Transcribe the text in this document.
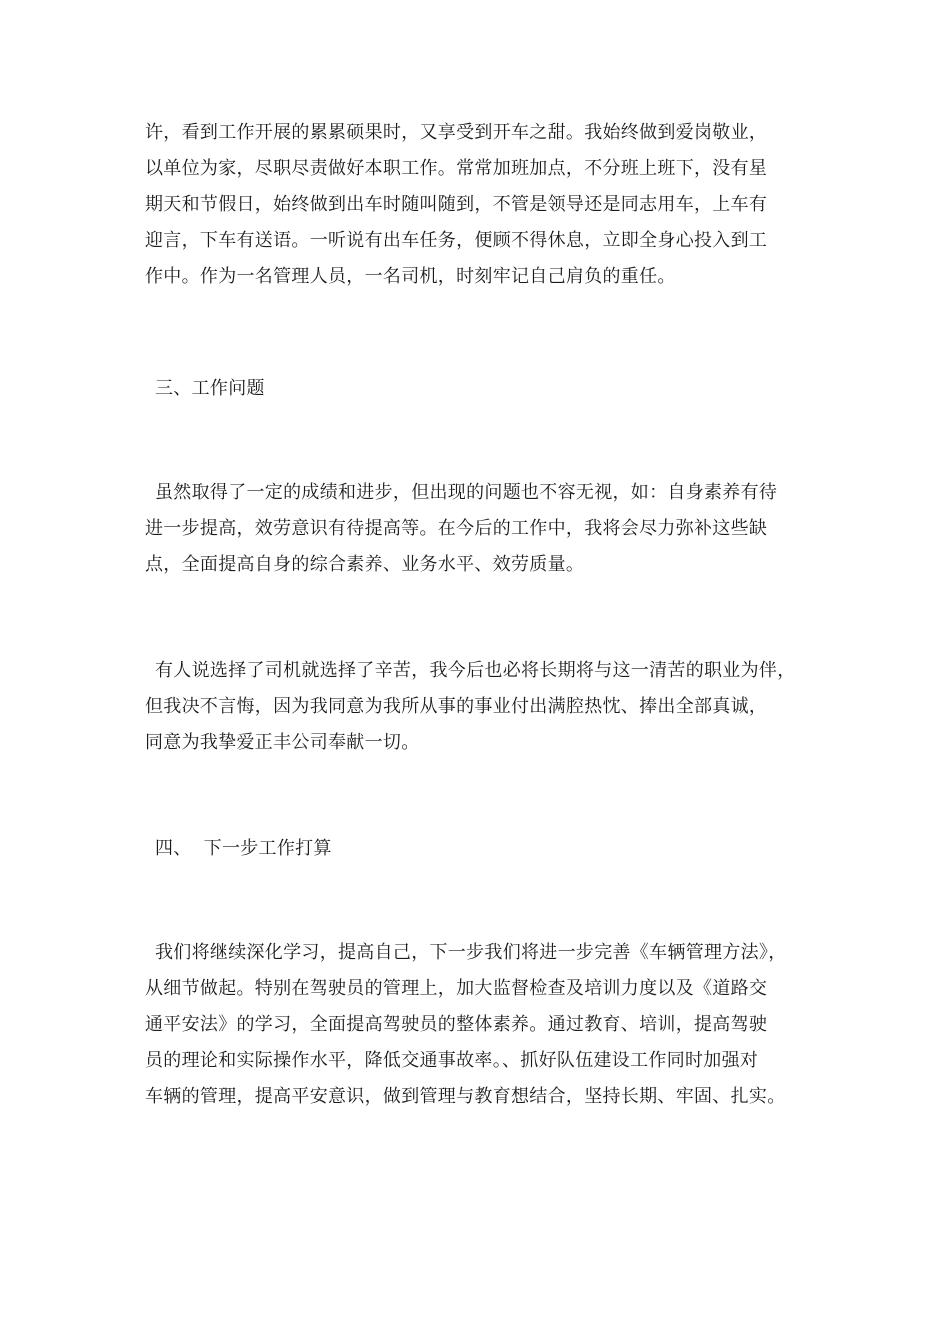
许，看到工作开展的累累硕果时，又享受到开车之甜。我始终做到爱岗敬业，
以单位为家，尽职尽责做好本职工作。常常加班加点，不分班上班下，没有星
期天和节假日，始终做到出车时随叫随到，不管是领导还是同志用车，上车有
迎言，下车有送语。一听说有出车任务，便顾不得休息，立即全身心投入到工
作中。作为一名管理人员，一名司机，时刻牢记自己肩负的重任。
三、工作问题
虽然取得了一定的成绩和进步，但出现的问题也不容无视，如：自身素养有待
进一步提高，效劳意识有待提高等。在今后的工作中，我将会尽力弥补这些缺
点，全面提高自身的综合素养、业务水平、效劳质量。
有人说选择了司机就选择了辛苦，我今后也必将长期将与这一清苦的职业为伴，
但我决不言悔，因为我同意为我所从事的事业付出满腔热忱、捧出全部真诚，
同意为我挚爱正丰公司奉献一切。
四、  下一步工作打算
我们将继续深化学习，提高自己，下一步我们将进一步完善《车辆管理方法》，
从细节做起。特别在驾驶员的管理上，加大监督检查及培训力度以及《道路交
通平安法》的学习，全面提高驾驶员的整体素养。通过教育、培训，提高驾驶
员的理论和实际操作水平，降低交通事故率。、抓好队伍建设工作同时加强对
车辆的管理，提高平安意识，做到管理与教育想结合，坚持长期、牢固、扎实。
